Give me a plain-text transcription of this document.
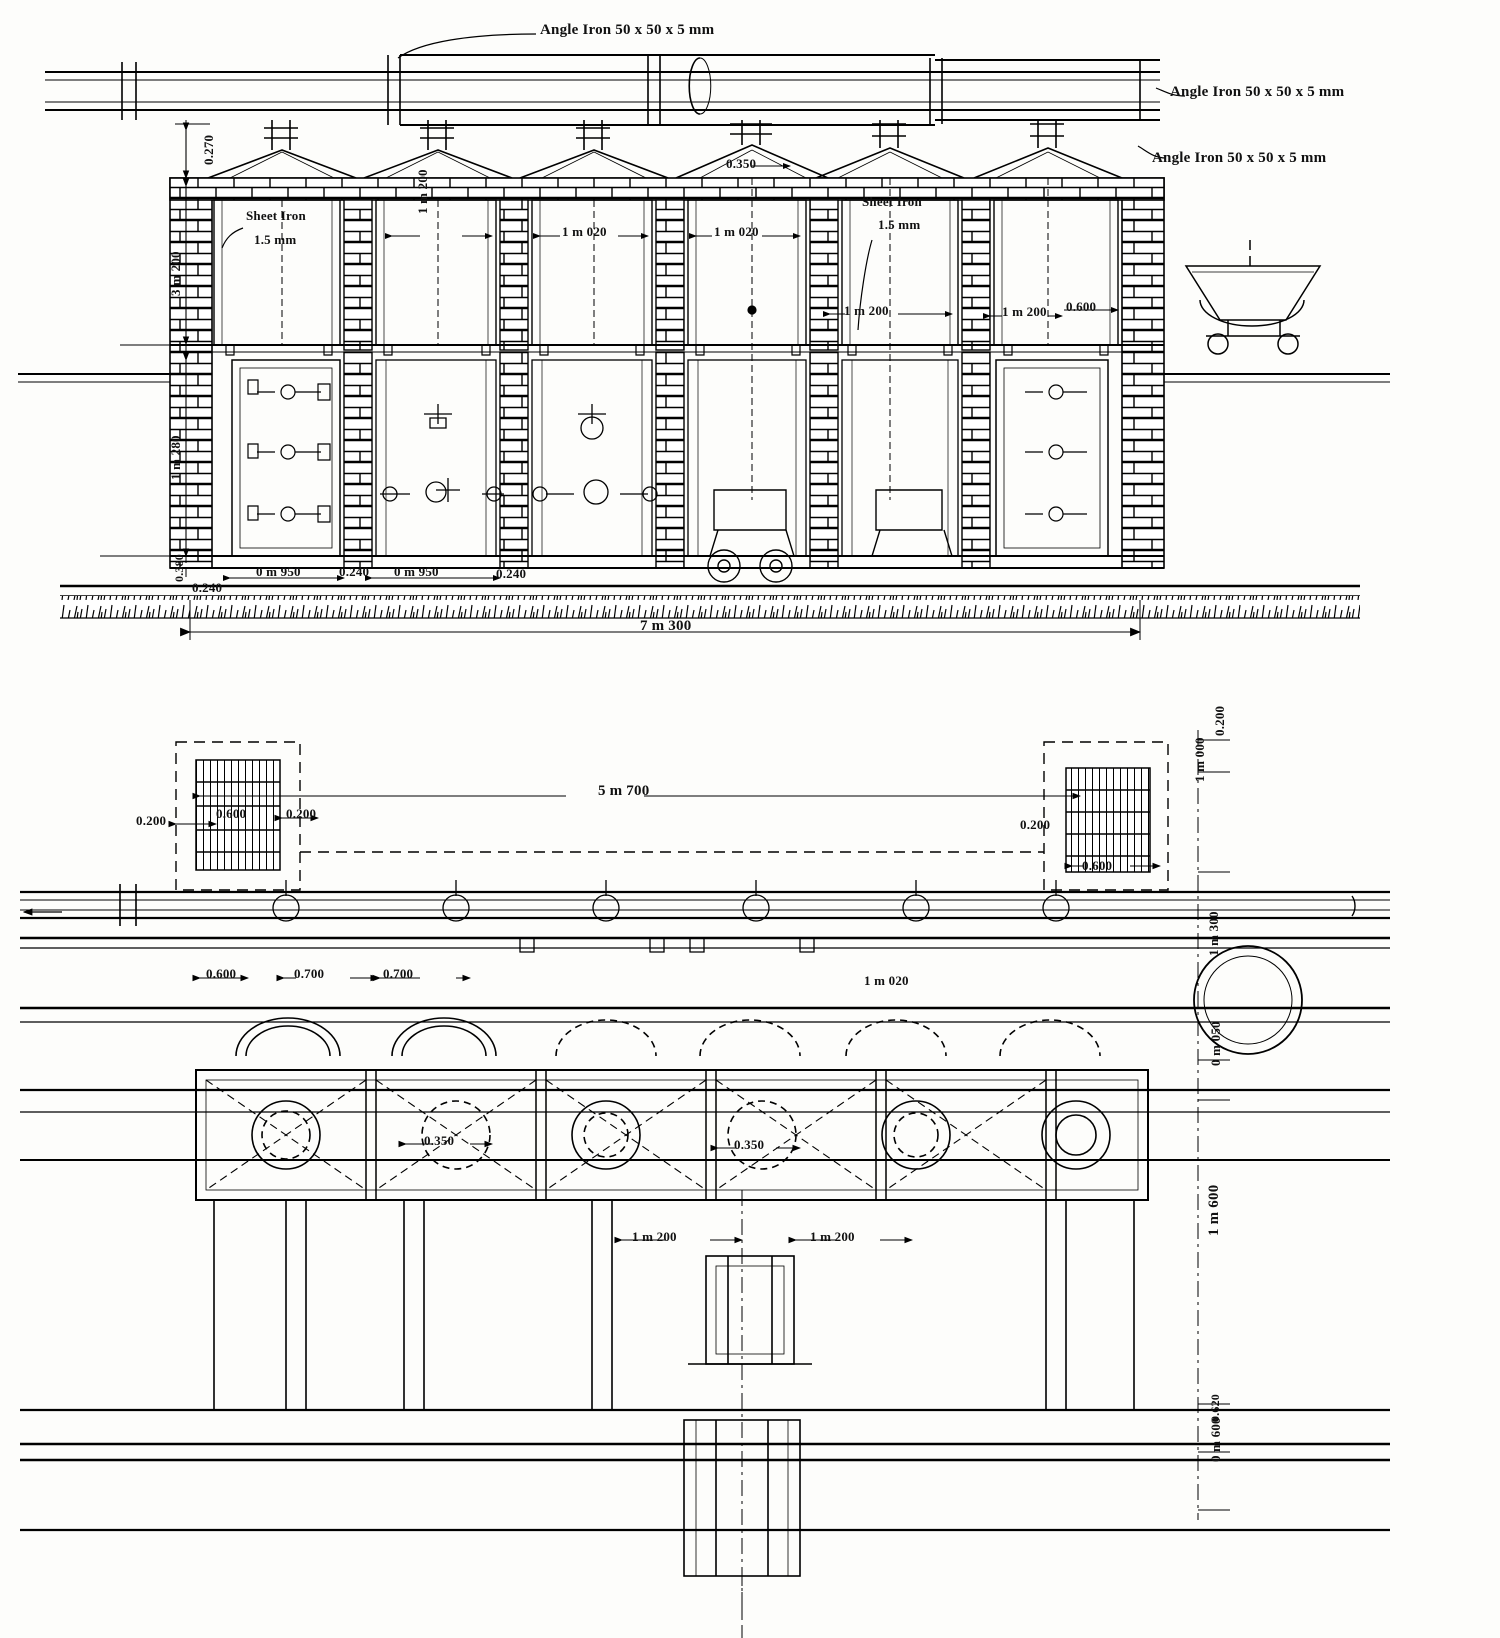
Angle Iron 50 x 50 x 5 mm
Angle Iron 50 x 50 x 5 mm
Angle Iron 50 x 50 x 5 mm
0.270	0.350
Sheet Iron
1.5 mm
Sheet Iron
1.5 mm
1 m 200
1 m 020	1 m 020
1 m 200	1 m 200 0.600
3 m 200
1 m 280
0.380
0.240
0 m 950	0.240 0 m 950	0.240
7 m 300
5 m 700
0.200	0.600	0.200
0.200
0.600
0.200
1 m 000
0.600	0.700	0.700	1 m 020
0.350	0.350
1 m 200	1 m 200
1 m 300
0 m 050
1 m 600
0.620
0 m 600
